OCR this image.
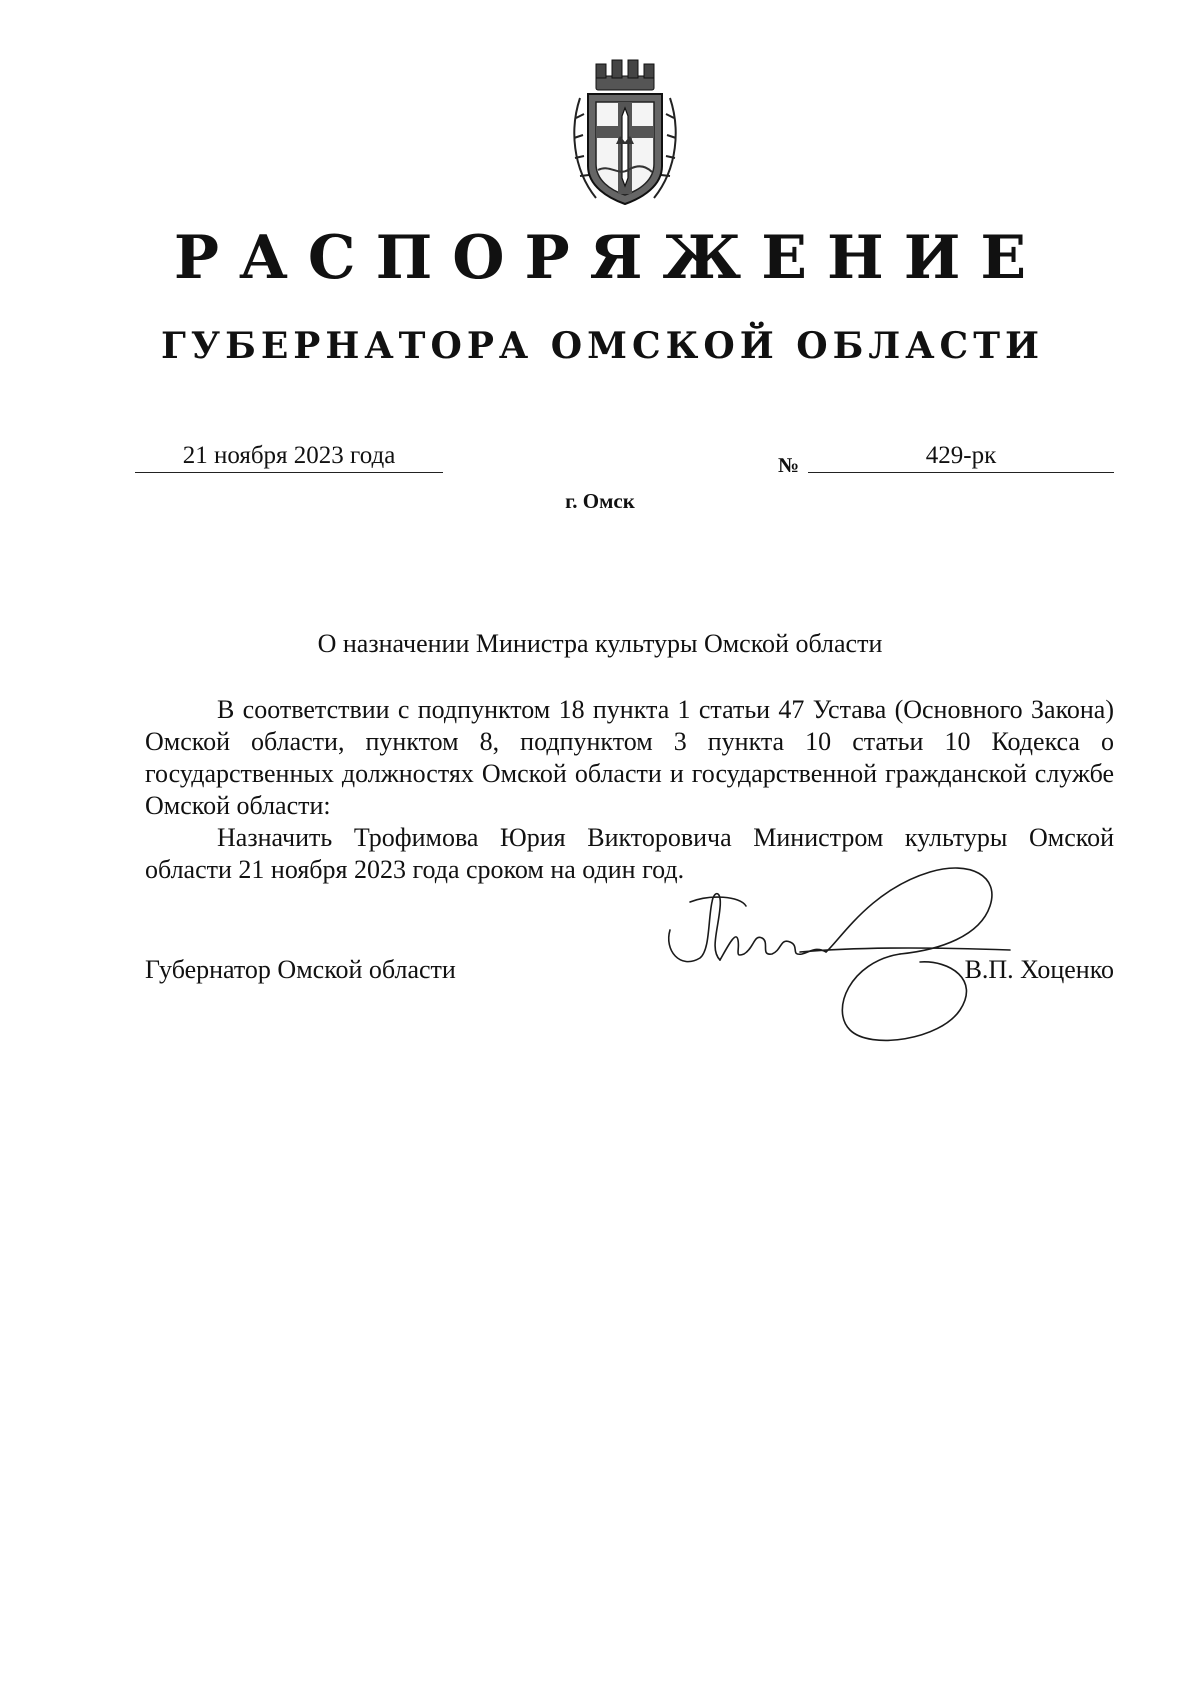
РАСПОРЯЖЕНИЕ
ГУБЕРНАТОРА ОМСКОЙ ОБЛАСТИ
21 ноября 2023 года	№	429-рк
г. Омск
О назначении Министра культуры Омской области
В соответствии с подпунктом 18 пункта 1 статьи 47 Устава (Основного Закона) Омской области, пунктом 8, подпунктом 3 пункта 10 статьи 10 Кодекса о государственных должностях Омской области и государственной гражданской службе Омской области:
Назначить Трофимова Юрия Викторовича Министром культуры Омской области 21 ноября 2023 года сроком на один год.
Губернатор Омской области	В.П. Хоценко
